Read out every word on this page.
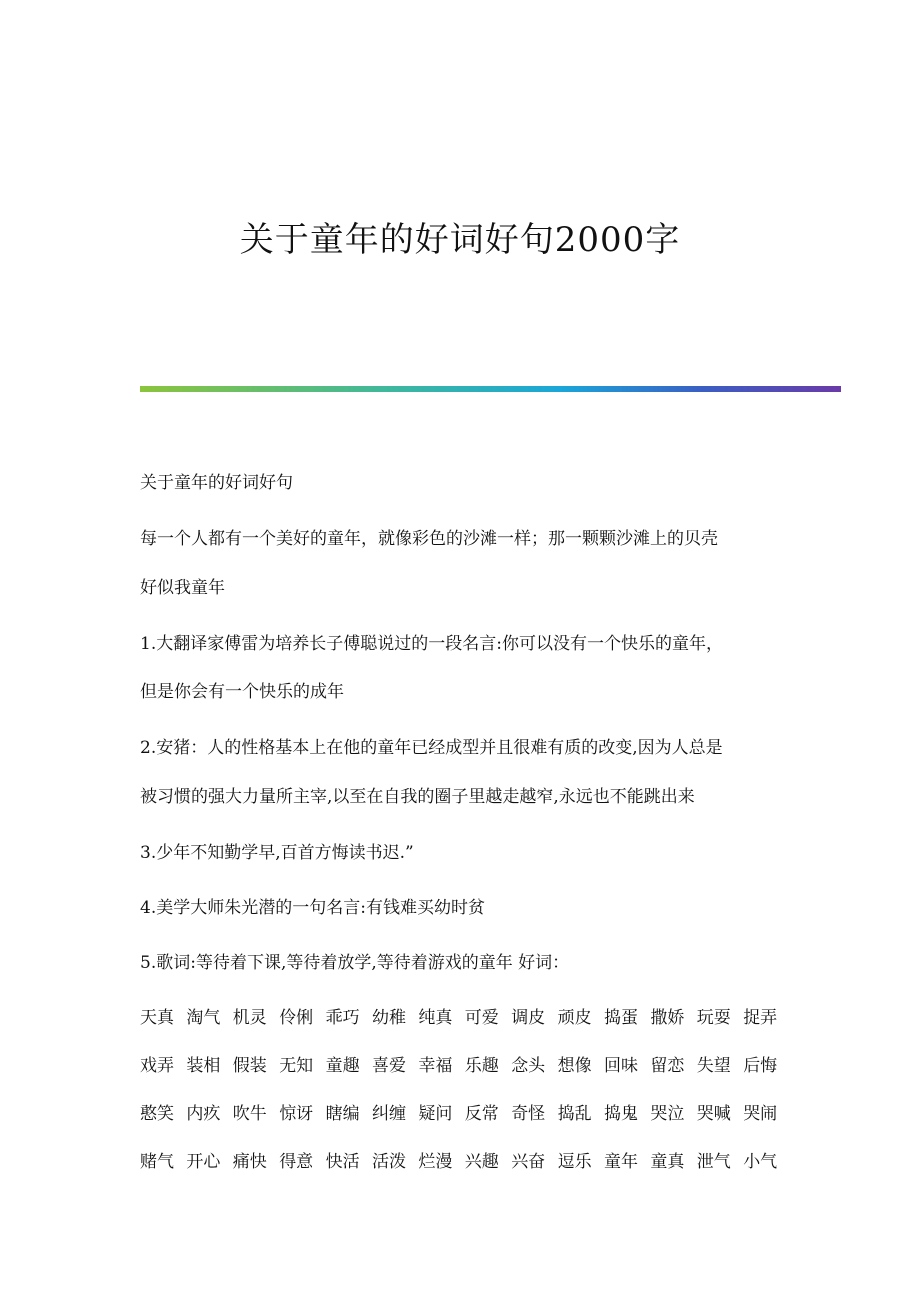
关于童年的好词好句2000字
关于童年的好词好句
每一个人都有一个美好的童年，就像彩色的沙滩一样；那一颗颗沙滩上的贝壳
好似我童年
1.大翻译家傅雷为培养长子傅聪说过的一段名言:你可以没有一个快乐的童年，
但是你会有一个快乐的成年
2.安猪：人的性格基本上在他的童年已经成型并且很难有质的改变,因为人总是
被习惯的强大力量所主宰,以至在自我的圈子里越走越窄,永远也不能跳出来
3.少年不知勤学早,百首方悔读书迟.”
4.美学大师朱光潜的一句名言:有钱难买幼时贫
5.歌词:等待着下课,等待着放学,等待着游戏的童年 好词：
天真 淘气 机灵 伶俐 乖巧 幼稚 纯真 可爱 调皮 顽皮 捣蛋 撒娇 玩耍 捉弄
戏弄 装相 假装 无知 童趣 喜爱 幸福 乐趣 念头 想像 回味 留恋 失望 后悔
憨笑 内疚 吹牛 惊讶 瞎编 纠缠 疑问 反常 奇怪 捣乱 捣鬼 哭泣 哭喊 哭闹
赌气 开心 痛快 得意 快活 活泼 烂漫 兴趣 兴奋 逗乐 童年 童真 泄气 小气
